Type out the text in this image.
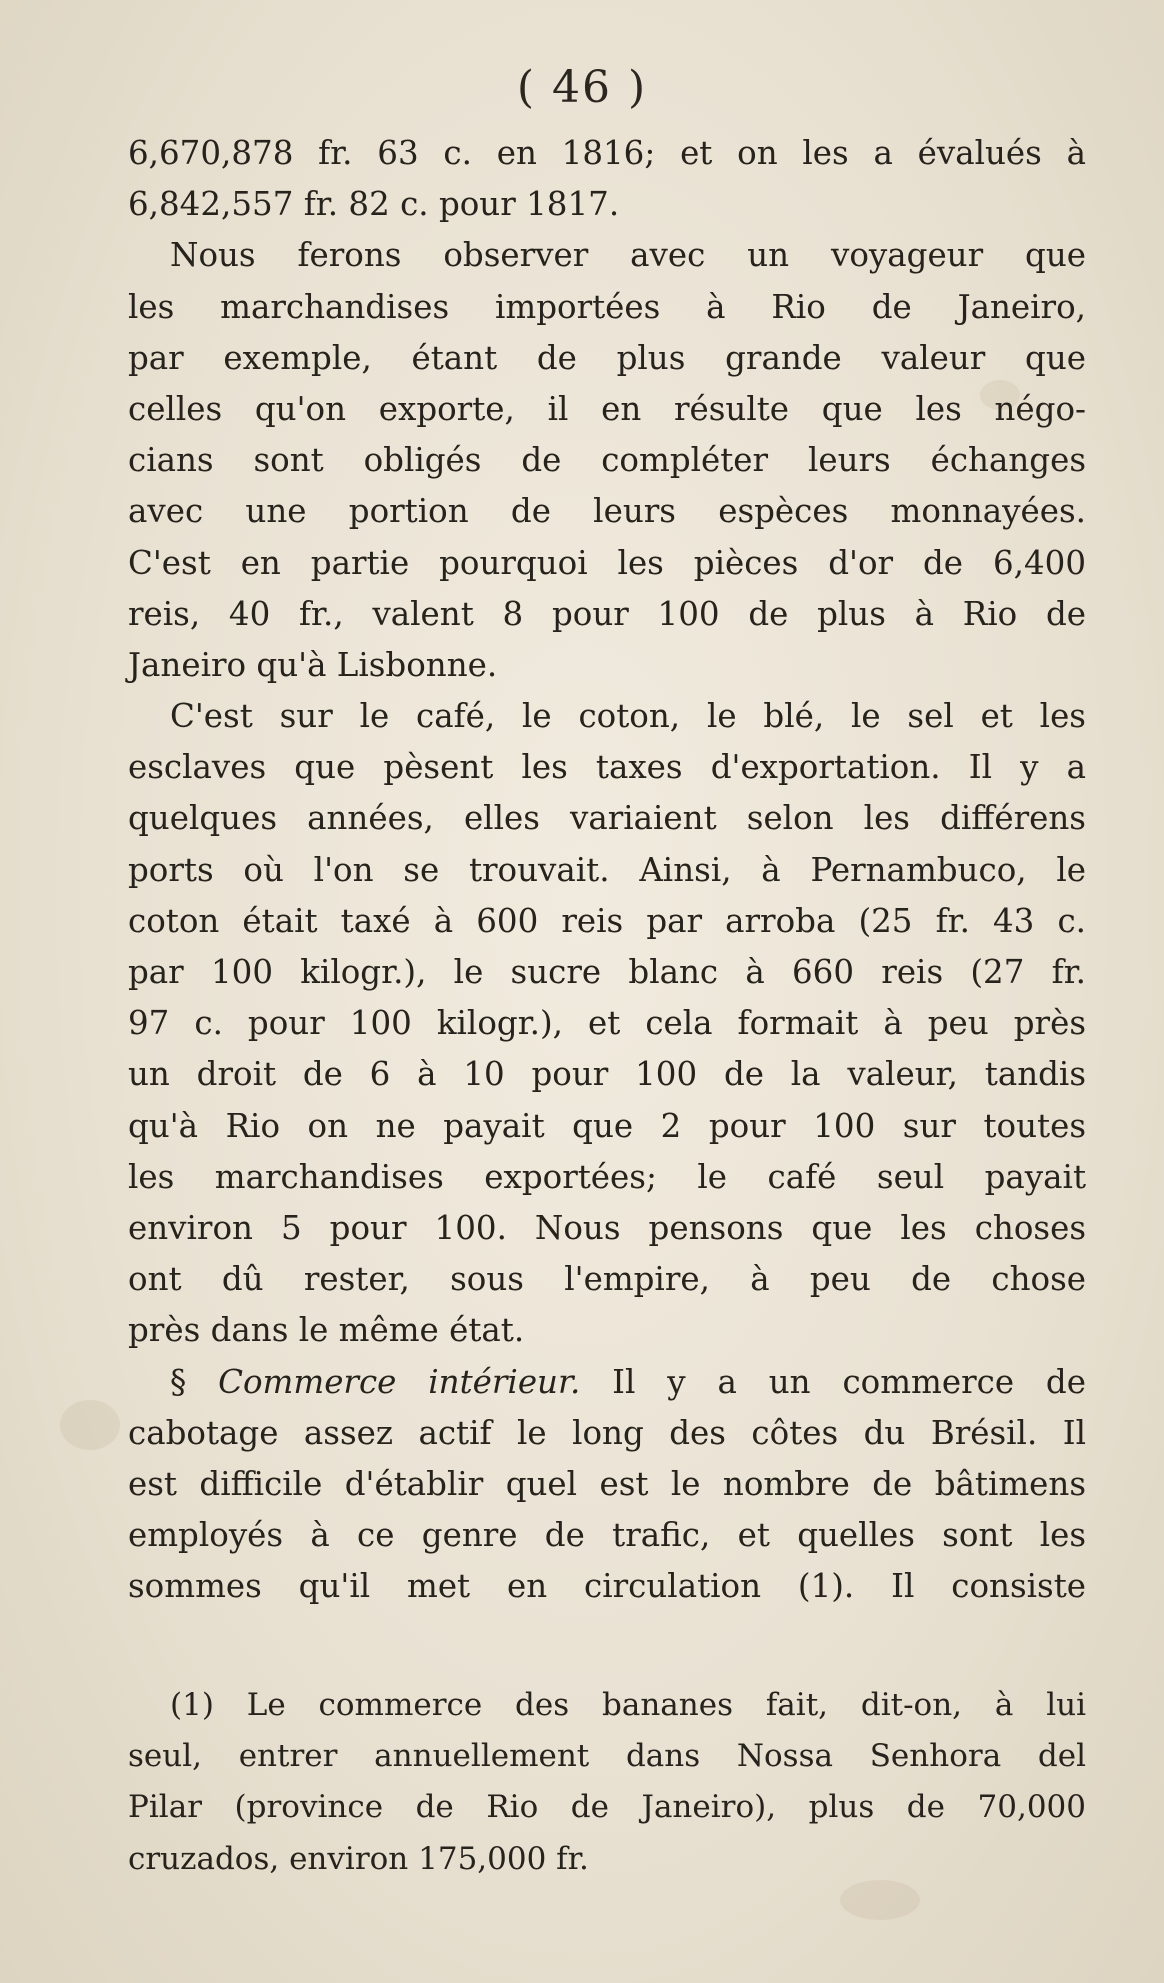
( 46 )
6,670,878 fr. 63 c. en 1816; et on les a évalués à
6,842,557 fr. 82 c. pour 1817.
Nous ferons observer avec un voyageur que
les marchandises importées à Rio de Janeiro,
par exemple, étant de plus grande valeur que
celles qu'on exporte, il en résulte que les négo-
cians sont obligés de compléter leurs échanges
avec une portion de leurs espèces monnayées.
C'est en partie pourquoi les pièces d'or de 6,400
reis, 40 fr., valent 8 pour 100 de plus à Rio de
Janeiro qu'à Lisbonne.
C'est sur le café, le coton, le blé, le sel et les
esclaves que pèsent les taxes d'exportation. Il y a
quelques années, elles variaient selon les différens
ports où l'on se trouvait. Ainsi, à Pernambuco, le
coton était taxé à 600 reis par arroba (25 fr. 43 c.
par 100 kilogr.), le sucre blanc à 660 reis (27 fr.
97 c. pour 100 kilogr.), et cela formait à peu près
un droit de 6 à 10 pour 100 de la valeur, tandis
qu'à Rio on ne payait que 2 pour 100 sur toutes
les marchandises exportées; le café seul payait
environ 5 pour 100. Nous pensons que les choses
ont dû rester, sous l'empire, à peu de chose
près dans le même état.
§ Commerce intérieur. Il y a un commerce de
cabotage assez actif le long des côtes du Brésil. Il
est difficile d'établir quel est le nombre de bâtimens
employés à ce genre de trafic, et quelles sont les
sommes qu'il met en circulation (1). Il consiste
(1) Le commerce des bananes fait, dit-on, à lui
seul, entrer annuellement dans Nossa Senhora del
Pilar (province de Rio de Janeiro), plus de 70,000
cruzados, environ 175,000 fr.
